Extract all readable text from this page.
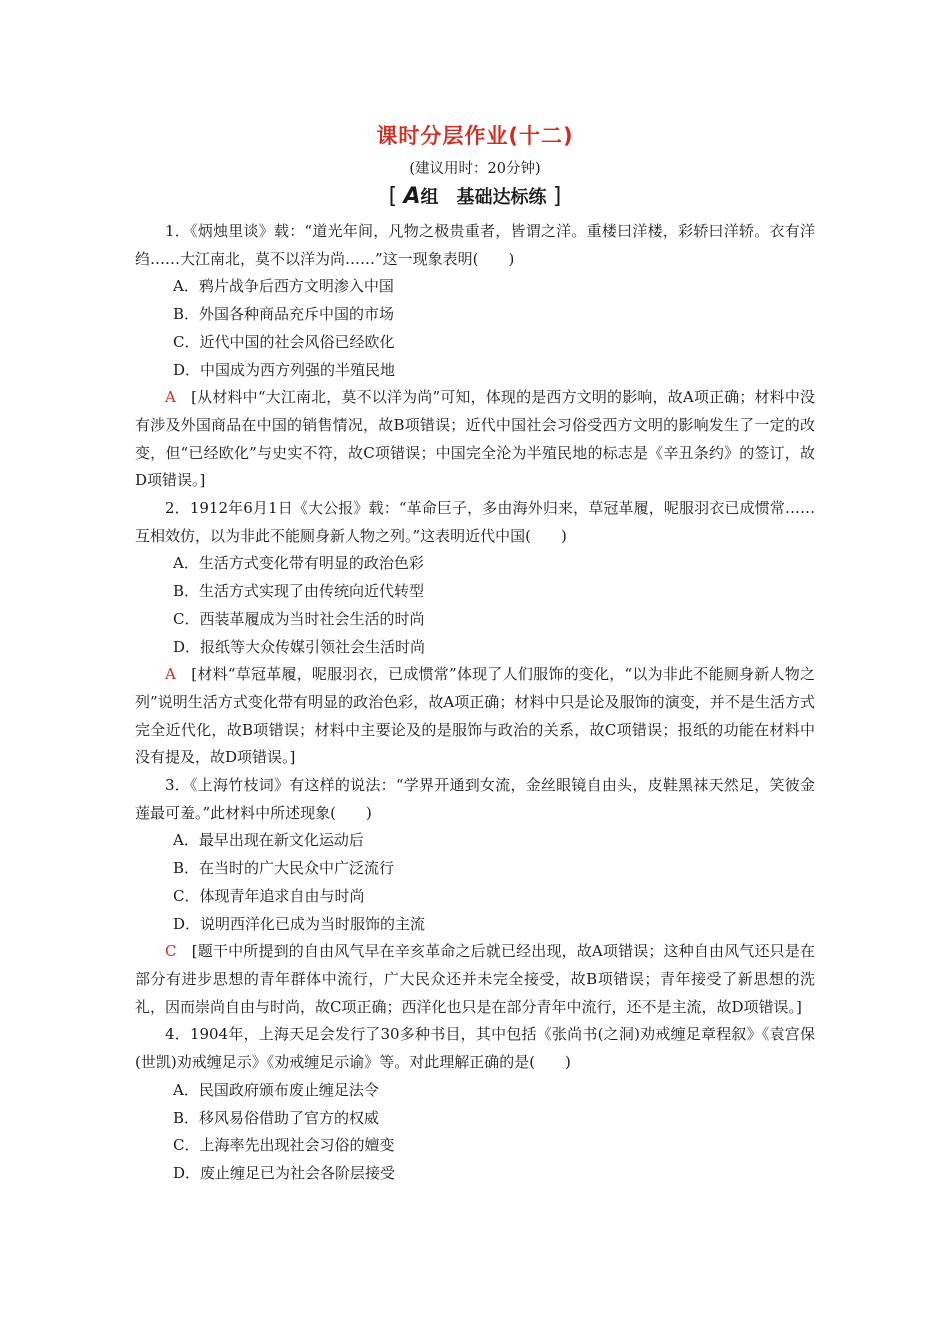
课时分层作业(十二)
(建议用时：20分钟)
[ A组　基础达标练 ]

1．《炳烛里谈》载：“道光年间，凡物之极贵重者，皆谓之洋。重楼曰洋楼，彩轿曰洋轿。衣有洋绉……大江南北，莫不以洋为尚……”这一现象表明(　　)

A．鸦片战争后西方文明渗入中国

B．外国各种商品充斥中国的市场

C．近代中国的社会风俗已经欧化

D．中国成为西方列强的半殖民地

A　[从材料中“大江南北，莫不以洋为尚”可知，体现的是西方文明的影响，故A项正确；材料中没有涉及外国商品在中国的销售情况，故B项错误；近代中国社会习俗受西方文明的影响发生了一定的改变，但“已经欧化”与史实不符，故C项错误；中国完全沦为半殖民地的标志是《辛丑条约》的签订，故D项错误。]

2．1912年6月1日《大公报》载：“革命巨子，多由海外归来，草冠革履，呢服羽衣已成惯常……互相效仿，以为非此不能厕身新人物之列。”这表明近代中国(　　)

A．生活方式变化带有明显的政治色彩

B．生活方式实现了由传统向近代转型

C．西装革履成为当时社会生活的时尚

D．报纸等大众传媒引领社会生活时尚

A　[材料“草冠革履，呢服羽衣，已成惯常”体现了人们服饰的变化，“以为非此不能厕身新人物之列”说明生活方式变化带有明显的政治色彩，故A项正确；材料中只是论及服饰的演变，并不是生活方式完全近代化，故B项错误；材料中主要论及的是服饰与政治的关系，故C项错误；报纸的功能在材料中没有提及，故D项错误。]

3．《上海竹枝词》有这样的说法：“学界开通到女流，金丝眼镜自由头，皮鞋黑袜天然足，笑彼金莲最可羞。”此材料中所述现象(　　)

A．最早出现在新文化运动后

B．在当时的广大民众中广泛流行

C．体现青年追求自由与时尚

D．说明西洋化已成为当时服饰的主流

C　[题干中所提到的自由风气早在辛亥革命之后就已经出现，故A项错误；这种自由风气还只是在部分有进步思想的青年群体中流行，广大民众还并未完全接受，故B项错误；青年接受了新思想的洗礼，因而崇尚自由与时尚，故C项正确；西洋化也只是在部分青年中流行，还不是主流，故D项错误。]

4．1904年，上海天足会发行了30多种书目，其中包括《张尚书(之洞)劝戒缠足章程叙》《袁宫保(世凯)劝戒缠足示》《劝戒缠足示谕》等。对此理解正确的是(　　)

A．民国政府颁布废止缠足法令

B．移风易俗借助了官方的权威

C．上海率先出现社会习俗的嬗变

D．废止缠足已为社会各阶层接受
